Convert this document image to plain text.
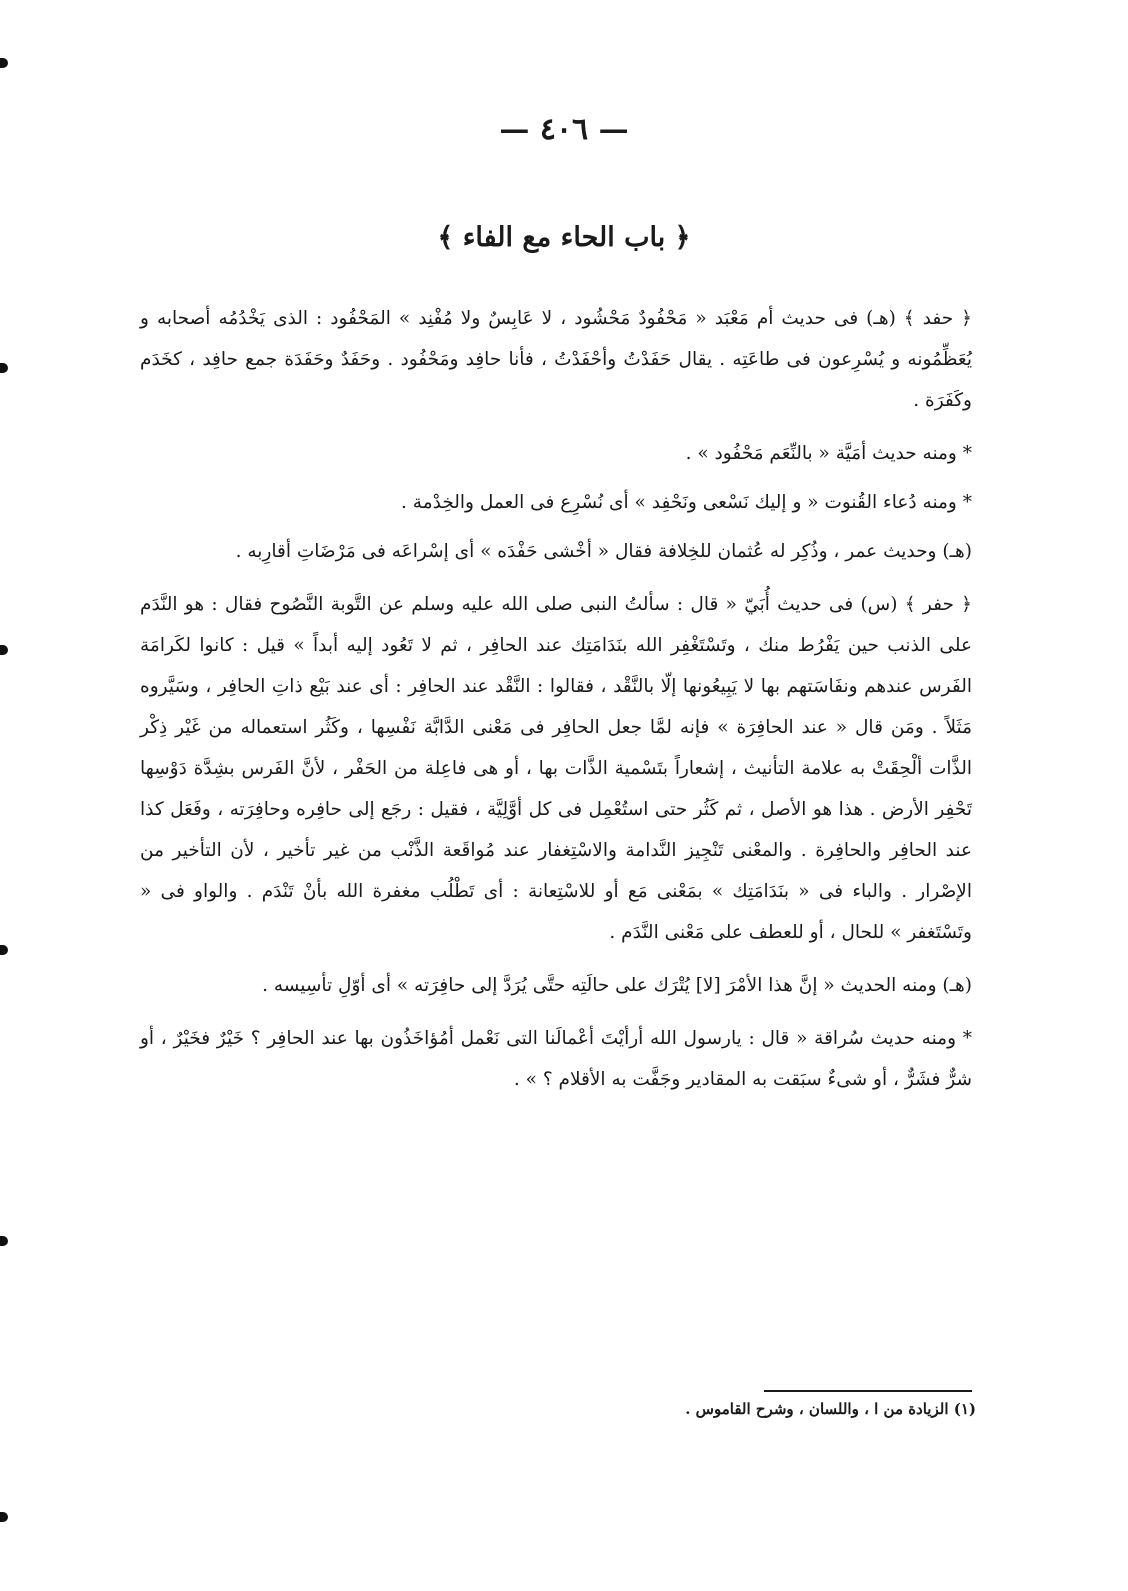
— ٤٠٦ —
﴿ باب الحاء مع الفاء ﴾

﴿ حفد ﴾ (هـ) فى حديث أم مَعْبَد « مَحْفُودٌ مَحْشُود ، لا عَابِسٌ ولا مُفْنِد » المَحْفُود : الذى يَخْدُمُه أصحابه و يُعَظِّمُونه و يُسْرِعون فى طاعَتِه . يقال حَفَدْتُ وأحْفَدْتُ ، فأنا حافِد ومَحْفُود . وحَفَدٌ وحَفَدَة جمع حافِد ، كخَدَم وكَفَرَة .

* ومنه حديث أمَيَّة « بالنِّعَم مَحْفُود » .

* ومنه دُعاء القُنوت « و إليك نَسْعى ونَحْفِد » أى نُسْرِع فى العمل والخِدْمة .

(هـ) وحديث عمر ، وذُكِر له عُثمان للخِلافة فقال « أخْشى حَفْدَه » أى إسْراعَه فى مَرْضَاتِ أقارِبه .

﴿ حفر ﴾ (س) فى حديث أُبَيّ « قال : سألتُ النبى صلى الله عليه وسلم عن التَّوبة النَّصُوح فقال : هو النَّدَم على الذنب حين يَفْرُط منك ، وتَسْتَغْفِر الله بنَدَامَتِك عند الحافِر ، ثم لا تَعُود إليه أبداً » قيل : كانوا لكَرامَة الفَرس عندهم ونفَاسَتهم بها لا يَبِيعُونها إلّا بالنَّقْد ، فقالوا : النَّقْد عند الحافِر : أى عند بَيْع ذاتِ الحافِر ، وسَيَّروه مَثَلاً . ومَن قال « عند الحافِرَة » فإنه لمَّا جعل الحافِر فى مَعْنى الدَّابَّة نَفْسِها ، وكَثُر استعماله من غَيْر ذِكْر الذَّات ألْحِقَتْ به علامة التأنيث ، إشعاراً بتَسْمية الذَّات بها ، أو هى فاعِلة من الحَفْر ، لأنَّ الفَرس بشِدَّة دَوْسِها تَحْفِر الأرض . هذا هو الأصل ، ثم كَثُر حتى استُعْمِل فى كل أوَّلِيَّة ، فقيل : رجَع إلى حافِره وحافِرَته ، وفَعَل كذا عند الحافِر والحافِرة . والمعْنى تَنْجِيز النَّدامة والاسْتِغفار عند مُواقَعة الذَّنْب من غير تأخير ، لأن التأخير من الإصْرار . والباء فى « بنَدَامَتِك » بمَعْنى مَع أو للاسْتِعانة : أى تَطْلُب مغفرة الله بأنْ تَنْدَم . والواو فى « وتَسْتَغفر » للحال ، أو للعطف على مَعْنى النَّدَم .

(هـ) ومنه الحديث « إنَّ هذا الأمْرَ [لا] يُتْرَك على حالَتِه حتَّى يُرَدَّ إلى حافِرَته » أى أوّلِ تأسِيسه .

* ومنه حديث سُراقة « قال : يارسول الله أرأيْتَ أعْمالَنا التى نَعْمل أمُؤاخَذُون بها عند الحافِر ؟ خَيْرٌ فخَيْرٌ ، أو شرٌّ فشَرٌّ ، أو شىءٌ سبَقت به المقادير وجَفَّت به الأقلام ؟ » .

(١) الزيادة من ا ، واللسان ، وشرح القاموس .
